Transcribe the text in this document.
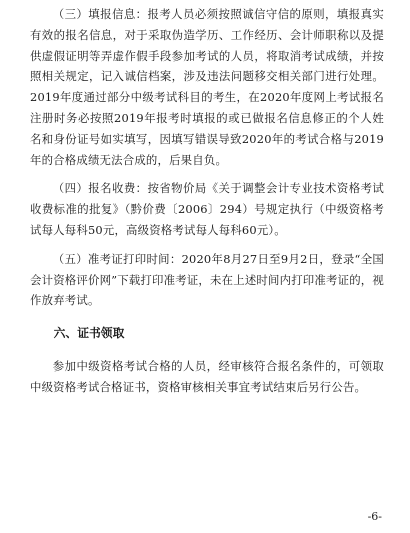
（三）填报信息：报考人员必须按照诚信守信的原则，填报真实有效的报名信息，对于采取伪造学历、工作经历、会计师职称以及提供虚假证明等弄虚作假手段参加考试的人员，将取消考试成绩，并按照相关规定，记入诚信档案，涉及违法问题移交相关部门进行处理。2019年度通过部分中级考试科目的考生，在2020年度网上考试报名注册时务必按照2019年报考时填报的或已做报名信息修正的个人姓名和身份证号如实填写，因填写错误导致2020年的考试合格与2019年的合格成绩无法合成的，后果自负。

（四）报名收费：按省物价局《关于调整会计专业技术资格考试收费标准的批复》（黔价费〔2006〕294）号规定执行（中级资格考试每人每科50元，高级资格考试每人每科60元）。

（五）准考证打印时间：2020年8月27日至9月2日，登录“全国会计资格评价网”下载打印准考证，未在上述时间内打印准考证的，视作放弃考试。

六、证书领取

参加中级资格考试合格的人员，经审核符合报名条件的，可领取中级资格考试合格证书，资格审核相关事宜考试结束后另行公告。

-6-
